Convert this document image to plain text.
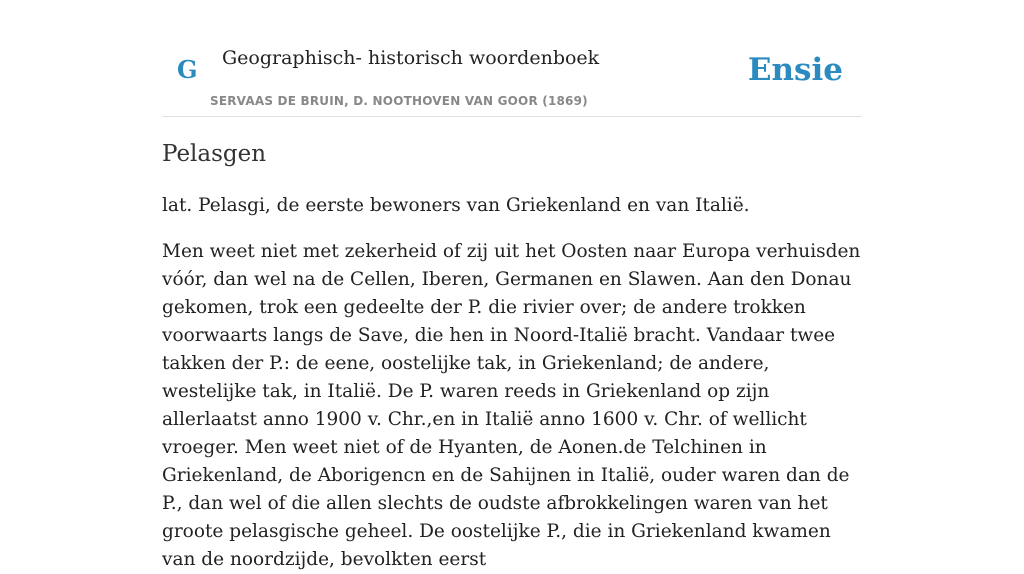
G Geographisch- historisch woordenboek
SERVAAS DE BRUIN, D. NOOTHOVEN VAN GOOR (1869)
Ensie
Pelasgen

lat. Pelasgi, de eerste bewoners van Griekenland en van Italië.

Men weet niet met zekerheid of zij uit het Oosten naar Europa verhuisden vóór, dan wel na de Cellen, Iberen, Germanen en Slawen. Aan den Donau gekomen, trok een gedeelte der P. die rivier over; de andere trokken voorwaarts langs de Save, die hen in Noord-Italië bracht. Vandaar twee takken der P.: de eene, oostelijke tak, in Griekenland; de andere, westelijke tak, in Italië. De P. waren reeds in Griekenland op zijn allerlaatst anno 1900 v. Chr.,en in Italië anno 1600 v. Chr. of wellicht vroeger. Men weet niet of de Hyanten, de Aonen.de Telchinen in Griekenland, de Aborigencn en de Sahijnen in Italië, ouder waren dan de P., dan wel of die allen slechts de oudste afbrokkelingen waren van het groote pelasgische geheel. De oostelijke P., die in Griekenland kwamen van de noordzijde, bevolkten eerst
